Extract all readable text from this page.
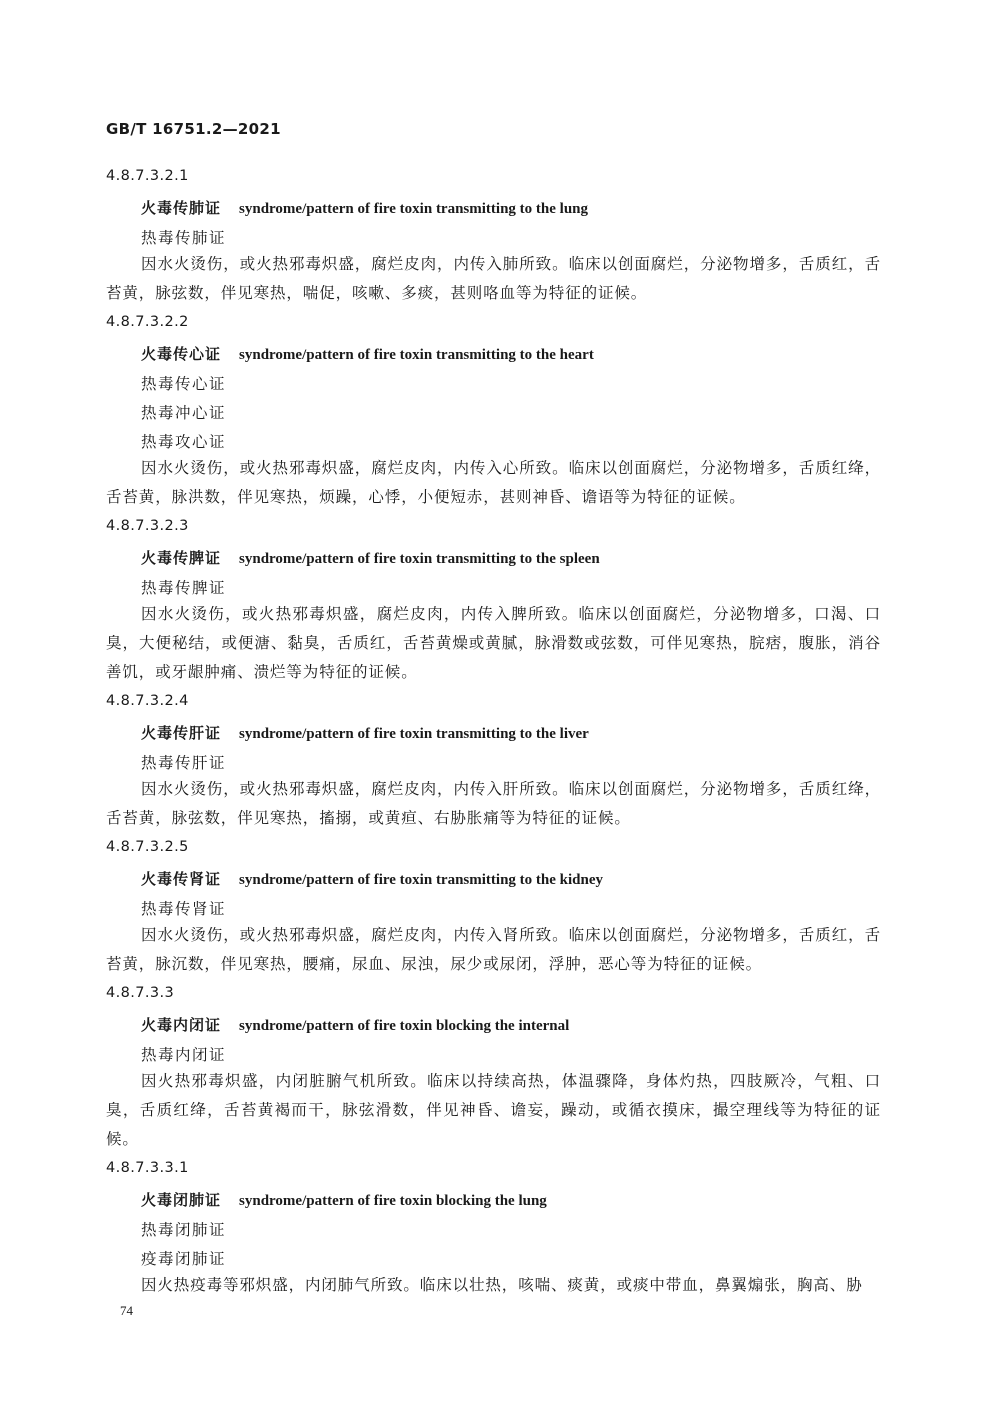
GB/T 16751.2—2021
4.8.7.3.2.1
火毒传肺证 syndrome/pattern of fire toxin transmitting to the lung
热毒传肺证
因水火烫伤，或火热邪毒炽盛，腐烂皮肉，内传入肺所致。临床以创面腐烂，分泌物增多，舌质红，舌苔黄，脉弦数，伴见寒热，喘促，咳嗽、多痰，甚则咯血等为特征的证候。
4.8.7.3.2.2
火毒传心证 syndrome/pattern of fire toxin transmitting to the heart
热毒传心证
热毒冲心证
热毒攻心证
因水火烫伤，或火热邪毒炽盛，腐烂皮肉，内传入心所致。临床以创面腐烂，分泌物增多，舌质红绛，舌苔黄，脉洪数，伴见寒热，烦躁，心悸，小便短赤，甚则神昏、谵语等为特征的证候。
4.8.7.3.2.3
火毒传脾证 syndrome/pattern of fire toxin transmitting to the spleen
热毒传脾证
因水火烫伤，或火热邪毒炽盛，腐烂皮肉，内传入脾所致。临床以创面腐烂，分泌物增多，口渴、口臭，大便秘结，或便溏、黏臭，舌质红，舌苔黄燥或黄腻，脉滑数或弦数，可伴见寒热，脘痞，腹胀，消谷善饥，或牙龈肿痛、溃烂等为特征的证候。
4.8.7.3.2.4
火毒传肝证 syndrome/pattern of fire toxin transmitting to the liver
热毒传肝证
因水火烫伤，或火热邪毒炽盛，腐烂皮肉，内传入肝所致。临床以创面腐烂，分泌物增多，舌质红绛，舌苔黄，脉弦数，伴见寒热，搐搦，或黄疸、右胁胀痛等为特征的证候。
4.8.7.3.2.5
火毒传肾证 syndrome/pattern of fire toxin transmitting to the kidney
热毒传肾证
因水火烫伤，或火热邪毒炽盛，腐烂皮肉，内传入肾所致。临床以创面腐烂，分泌物增多，舌质红，舌苔黄，脉沉数，伴见寒热，腰痛，尿血、尿浊，尿少或尿闭，浮肿，恶心等为特征的证候。
4.8.7.3.3
火毒内闭证 syndrome/pattern of fire toxin blocking the internal
热毒内闭证
因火热邪毒炽盛，内闭脏腑气机所致。临床以持续高热，体温骤降，身体灼热，四肢厥冷，气粗、口臭，舌质红绛，舌苔黄褐而干，脉弦滑数，伴见神昏、谵妄，躁动，或循衣摸床，撮空理线等为特征的证候。
4.8.7.3.3.1
火毒闭肺证 syndrome/pattern of fire toxin blocking the lung
热毒闭肺证
疫毒闭肺证
因火热疫毒等邪炽盛，内闭肺气所致。临床以壮热，咳喘、痰黄，或痰中带血，鼻翼煽张，胸高、胁
74
